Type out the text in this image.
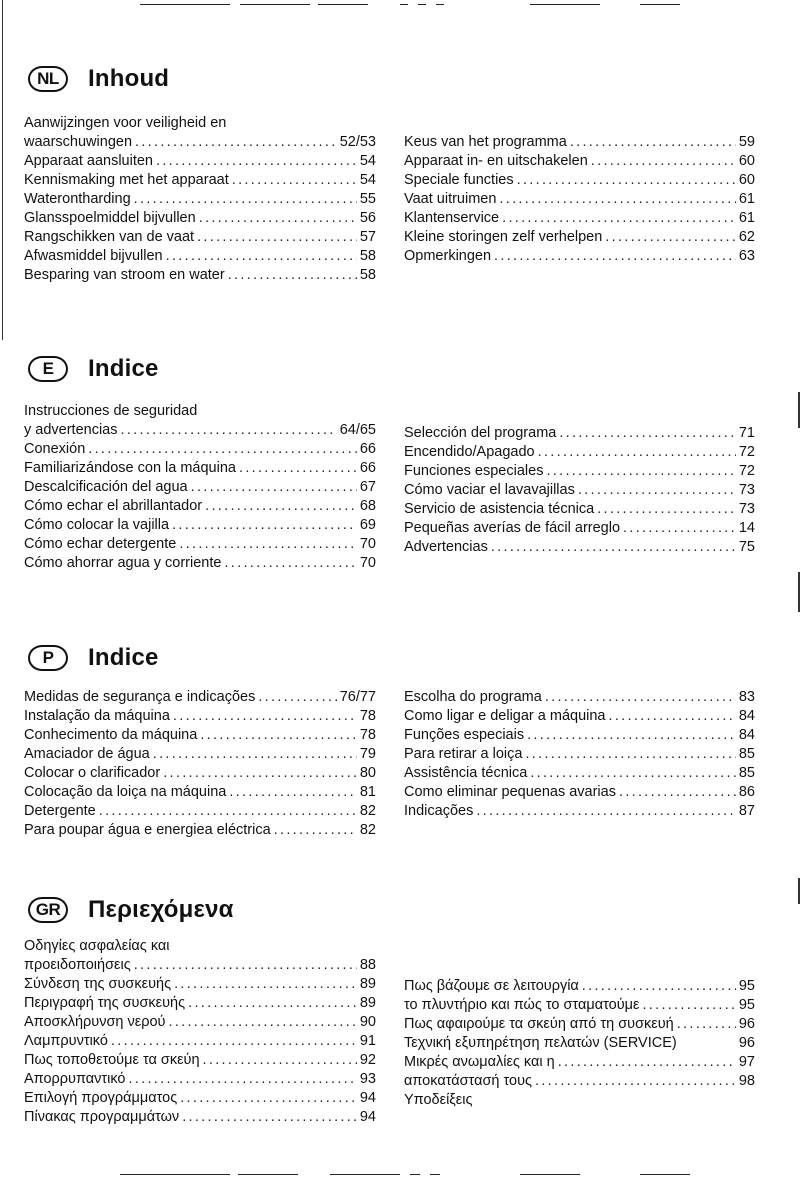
NL	Inhoud
Aanwijzingen voor veiligheid en
waarschuwingen .....	52/53
Apparaat aansluiten .....	54
Kennismaking met het apparaat .....	54
Waterontharding .....	55
Glansspoelmiddel bijvullen .....	56
Rangschikken van de vaat .....	57
Afwasmiddel bijvullen .....	58
Besparing van stroom en water .....	58
Keus van het programma .....	59
Apparaat in- en uitschakelen .....	60
Speciale functies .....	60
Vaat uitruimen .....	61
Klantenservice .....	61
Kleine storingen zelf verhelpen .....	62
Opmerkingen .....	63
E	Indice
Instrucciones de seguridad
y advertencias .....	64/65
Conexión .....	66
Familiarizándose con la máquina .....	66
Descalcificación del agua .....	67
Cómo echar el abrillantador .....	68
Cómo colocar la vajilla .....	69
Cómo echar detergente .....	70
Cómo ahorrar agua y corriente .....	70
Selección del programa .....	71
Encendido/Apagado .....	72
Funciones especiales .....	72
Cómo vaciar el lavavajillas .....	73
Servicio de asistencia técnica .....	73
Pequeñas averías de fácil arreglo .....	14
Advertencias .....	75
P	Indice
Medidas de segurança e indicações .....	76/77
Instalação da máquina .....	78
Conhecimento da máquina .....	78
Amaciador de água .....	79
Colocar o clarificador .....	80
Colocação da loiça na máquina .....	81
Detergente .....	82
Para poupar água e energiea eléctrica .....	82
Escolha do programa .....	83
Como ligar e deligar a máquina .....	84
Funções especiais .....	84
Para retirar a loiça .....	85
Assistência técnica .....	85
Como eliminar pequenas avarias .....	86
Indicações .....	87
GR	Περιεχόμενα
Οδηγίες ασφαλείας και
προειδοποιήσεις .....	88
Σύνδεση της συσκευής .....	89
Περιγραφή της συσκευής .....	89
Αποσκλήρυνση νερού .....	90
Λαμπρυντικό .....	91
Πως τοποθετούμε τα σκεύη .....	92
Απορρυπαντικό .....	93
Επιλογή προγράμματος .....	94
Πίνακας προγραμμάτων .....	94
Πως βάζουμε σε λειτουργία .....	95
το πλυντήριο και πώς το σταματούμε .....	95
Πως αφαιρούμε τα σκεύη από τη συσκευή .....	96
Τεχνική εξυπηρέτηση πελατών (SERVICE)	96
Μικρές ανωμαλίες και η .....	97
αποκατάστασή τους .....	98
Υποδείξεις
